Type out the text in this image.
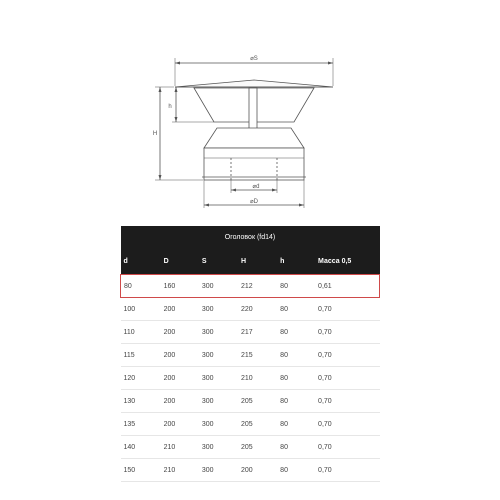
⌀S
h
H
⌀d
⌀D
Оголовок (fd14)					
d	D	S	H	h	Масса 0,5
80	160	300	212	80	0,61
100	200	300	220	80	0,70
110	200	300	217	80	0,70
115	200	300	215	80	0,70
120	200	300	210	80	0,70
130	200	300	205	80	0,70
135	200	300	205	80	0,70
140	210	300	205	80	0,70
150	210	300	200	80	0,70
